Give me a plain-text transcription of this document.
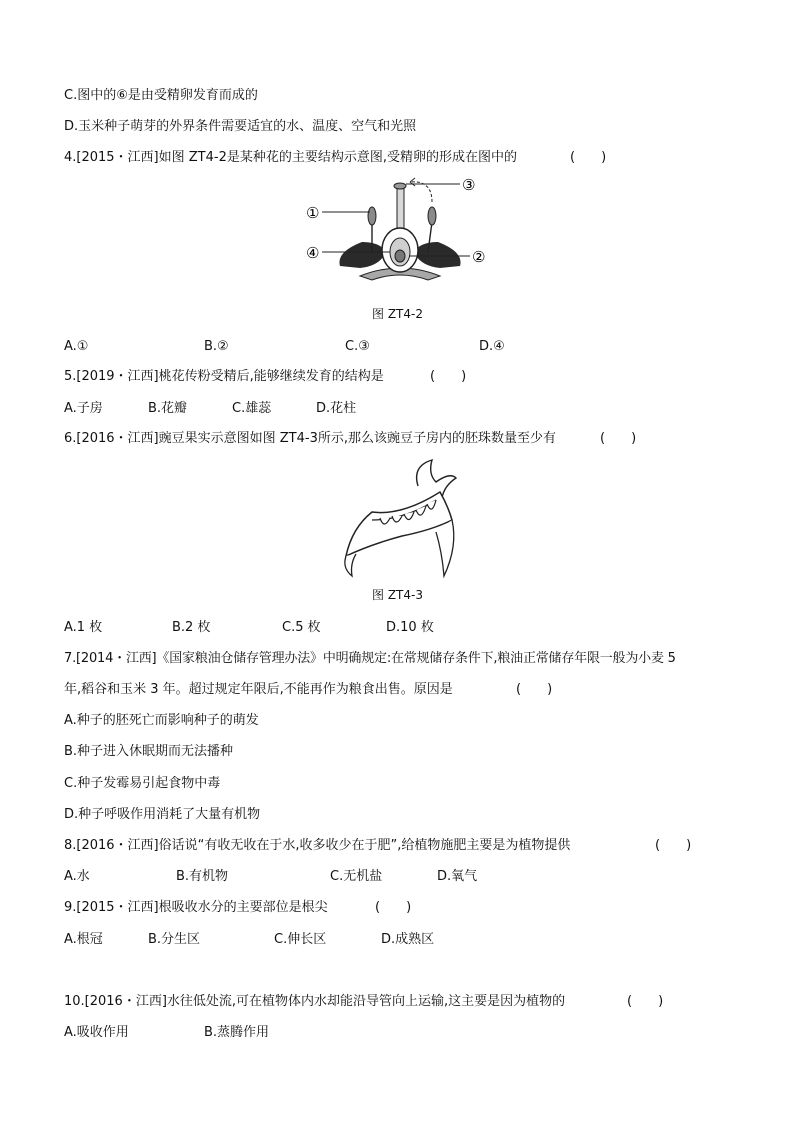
C.图中的⑥是由受精卵发育而成的
D.玉米种子萌芽的外界条件需要适宜的水、温度、空气和光照
4.[2015・江西]如图 ZT4-2是某种花的主要结构示意图,受精卵的形成在图中的	(　　)
①
④
③
②
图 ZT4-2
A.①	B.②	C.③	D.④
5.[2019・江西]桃花传粉受精后,能够继续发育的结构是	(　　)
A.子房	B.花瓣	C.雄蕊	D.花柱
6.[2016・江西]豌豆果实示意图如图 ZT4-3所示,那么该豌豆子房内的胚珠数量至少有	(　　)
图 ZT4-3
A.1 枚	B.2 枚	C.5 枚	D.10 枚
7.[2014・江西]《国家粮油仓储存管理办法》中明确规定:在常规储存条件下,粮油正常储存年限一般为小麦 5
年,稻谷和玉米 3 年。超过规定年限后,不能再作为粮食出售。原因是	(　　)
A.种子的胚死亡而影响种子的萌发
B.种子进入休眠期而无法播种
C.种子发霉易引起食物中毒
D.种子呼吸作用消耗了大量有机物
8.[2016・江西]俗话说“有收无收在于水,收多收少在于肥”,给植物施肥主要是为植物提供	(　　)
A.水	B.有机物	C.无机盐	D.氧气
9.[2015・江西]根吸收水分的主要部位是根尖	(　　)
A.根冠	B.分生区	C.伸长区	D.成熟区
10.[2016・江西]水往低处流,可在植物体内水却能沿导管向上运输,这主要是因为植物的	(　　)
A.吸收作用	B.蒸腾作用
